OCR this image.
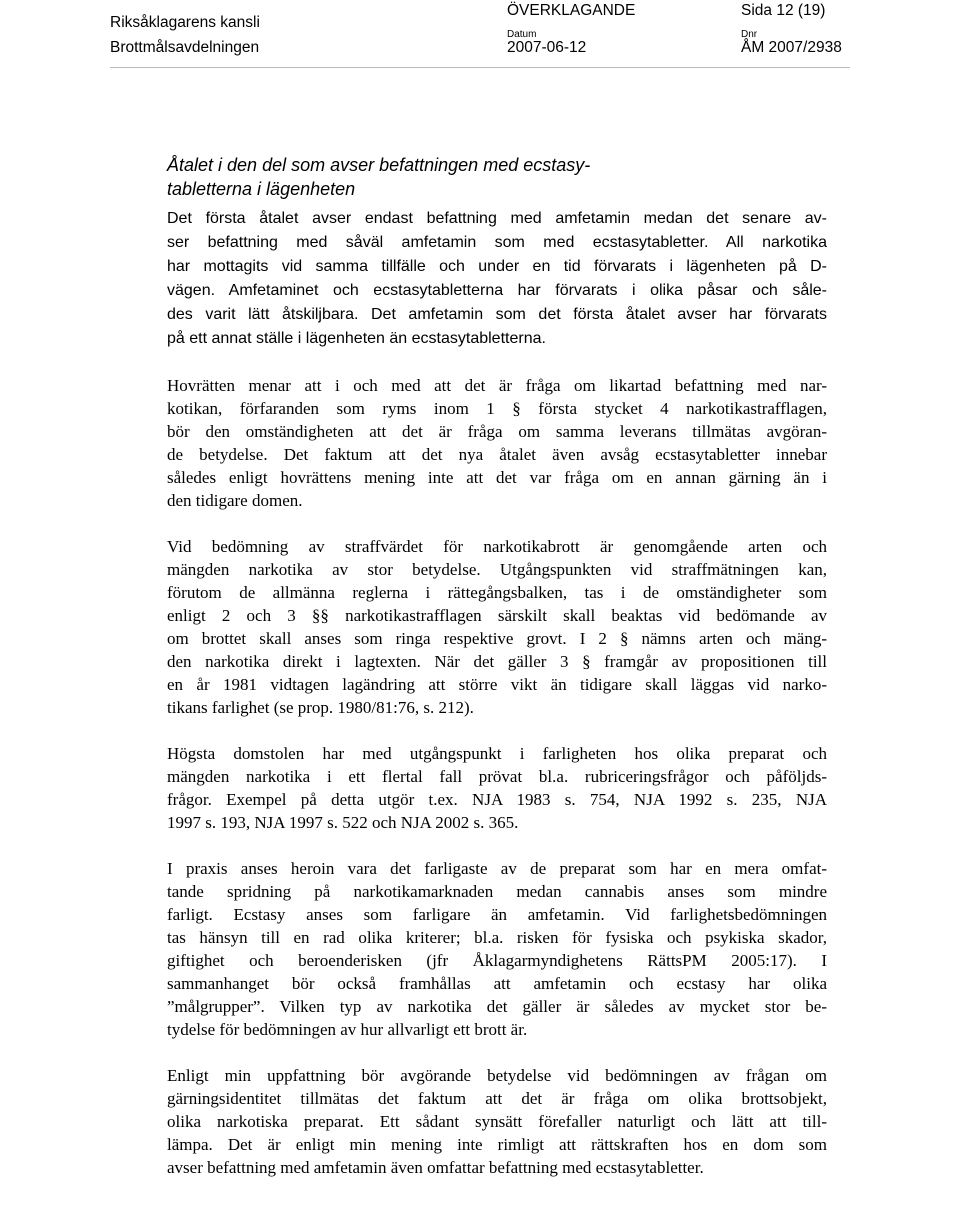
Riksåklagarens kansli
Brottmålsavdelningen
ÖVERKLAGANDE
Datum
2007-06-12
Dnr
ÅM 2007/2938
Sida 12 (19)
Åtalet i den del som avser befattningen med ecstasy-
tabletterna i lägenheten
Det första åtalet avser endast befattning med amfetamin medan det senare av-
ser befattning med såväl amfetamin som med ecstasytabletter. All narkotika
har mottagits vid samma tillfälle och under en tid förvarats i lägenheten på D-
vägen. Amfetaminet och ecstasytabletterna har förvarats i olika påsar och såle-
des varit lätt åtskiljbara. Det amfetamin som det första åtalet avser har förvarats
på ett annat ställe i lägenheten än ecstasytabletterna.
Hovrätten menar att i och med att det är fråga om likartad befattning med nar-
kotikan, förfaranden som ryms inom 1 § första stycket 4 narkotikastrafflagen,
bör den omständigheten att det är fråga om samma leverans tillmätas avgöran-
de betydelse. Det faktum att det nya åtalet även avsåg ecstasytabletter innebar
således enligt hovrättens mening inte att det var fråga om en annan gärning än i
den tidigare domen.
Vid bedömning av straffvärdet för narkotikabrott är genomgående arten och
mängden narkotika av stor betydelse. Utgångspunkten vid straffmätningen kan,
förutom de allmänna reglerna i rättegångsbalken, tas i de omständigheter som
enligt 2 och 3 §§ narkotikastrafflagen särskilt skall beaktas vid bedömande av
om brottet skall anses som ringa respektive grovt. I 2 § nämns arten och mäng-
den narkotika direkt i lagtexten. När det gäller 3 § framgår av propositionen till
en år 1981 vidtagen lagändring att större vikt än tidigare skall läggas vid narko-
tikans farlighet (se prop. 1980/81:76, s. 212).
Högsta domstolen har med utgångspunkt i farligheten hos olika preparat och
mängden narkotika i ett flertal fall prövat bl.a. rubriceringsfrågor och påföljds-
frågor. Exempel på detta utgör t.ex. NJA 1983 s. 754, NJA 1992 s. 235, NJA
1997 s. 193, NJA 1997 s. 522 och NJA 2002 s. 365.
I praxis anses heroin vara det farligaste av de preparat som har en mera omfat-
tande spridning på narkotikamarknaden medan cannabis anses som mindre
farligt. Ecstasy anses som farligare än amfetamin. Vid farlighetsbedömningen
tas hänsyn till en rad olika kriterer; bl.a. risken för fysiska och psykiska skador,
giftighet och beroenderisken (jfr Åklagarmyndighetens RättsPM 2005:17). I
sammanhanget bör också framhållas att amfetamin och ecstasy har olika
”målgrupper”. Vilken typ av narkotika det gäller är således av mycket stor be-
tydelse för bedömningen av hur allvarligt ett brott är.
Enligt min uppfattning bör avgörande betydelse vid bedömningen av frågan om
gärningsidentitet tillmätas det faktum att det är fråga om olika brottsobjekt,
olika narkotiska preparat. Ett sådant synsätt förefaller naturligt och lätt att till-
lämpa. Det är enligt min mening inte rimligt att rättskraften hos en dom som
avser befattning med amfetamin även omfattar befattning med ecstasytabletter.
